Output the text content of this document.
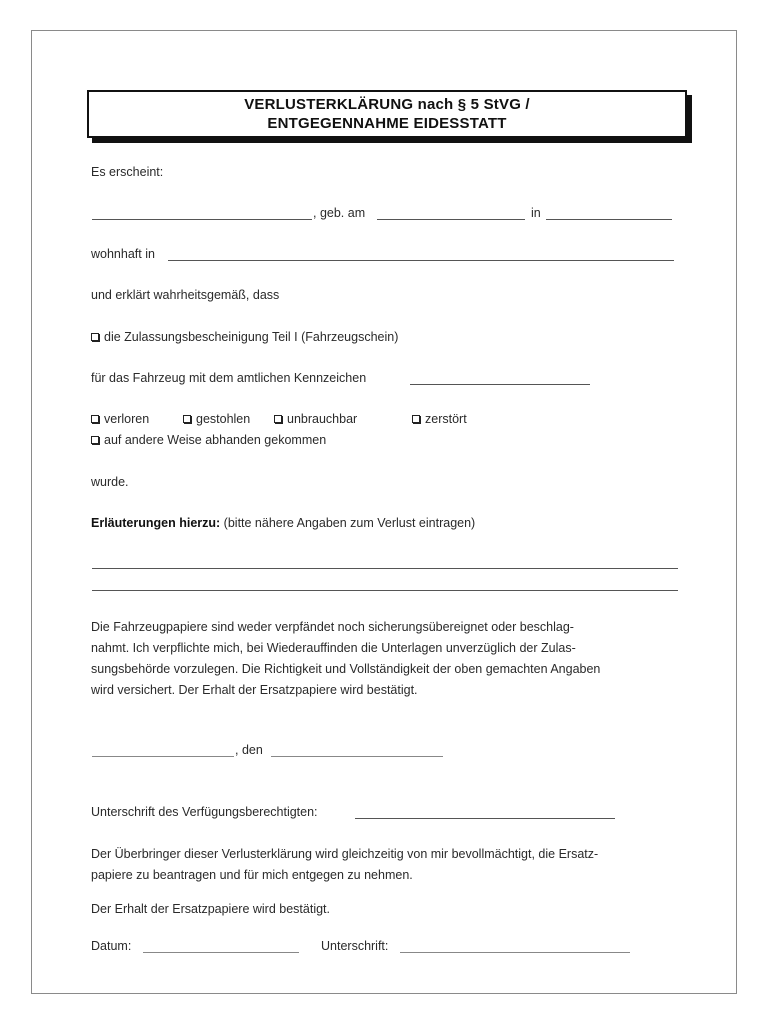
VERLUSTERKLÄRUNG nach § 5 StVG /
ENTGEGENNAHME EIDESSTATT
Es erscheint:
, geb. am	in
wohnhaft in
und erklärt wahrheitsgemäß, dass
die Zulassungsbescheinigung Teil I (Fahrzeugschein)
für das Fahrzeug mit dem amtlichen Kennzeichen
verloren	gestohlen	unbrauchbar	zerstört
auf andere Weise abhanden gekommen
wurde.
Erläuterungen hierzu: (bitte nähere Angaben zum Verlust eintragen)
Die Fahrzeugpapiere sind weder verpfändet noch sicherungsübereignet oder beschlag-
nahmt. Ich verpflichte mich, bei Wiederauffinden die Unterlagen unverzüglich der Zulas-
sungsbehörde vorzulegen. Die Richtigkeit und Vollständigkeit der oben gemachten Angaben
wird versichert. Der Erhalt der Ersatzpapiere wird bestätigt.
, den
Unterschrift des Verfügungsberechtigten:
Der Überbringer dieser Verlusterklärung wird gleichzeitig von mir bevollmächtigt, die Ersatz-
papiere zu beantragen und für mich entgegen zu nehmen.
Der Erhalt der Ersatzpapiere wird bestätigt.
Datum:	Unterschrift:
